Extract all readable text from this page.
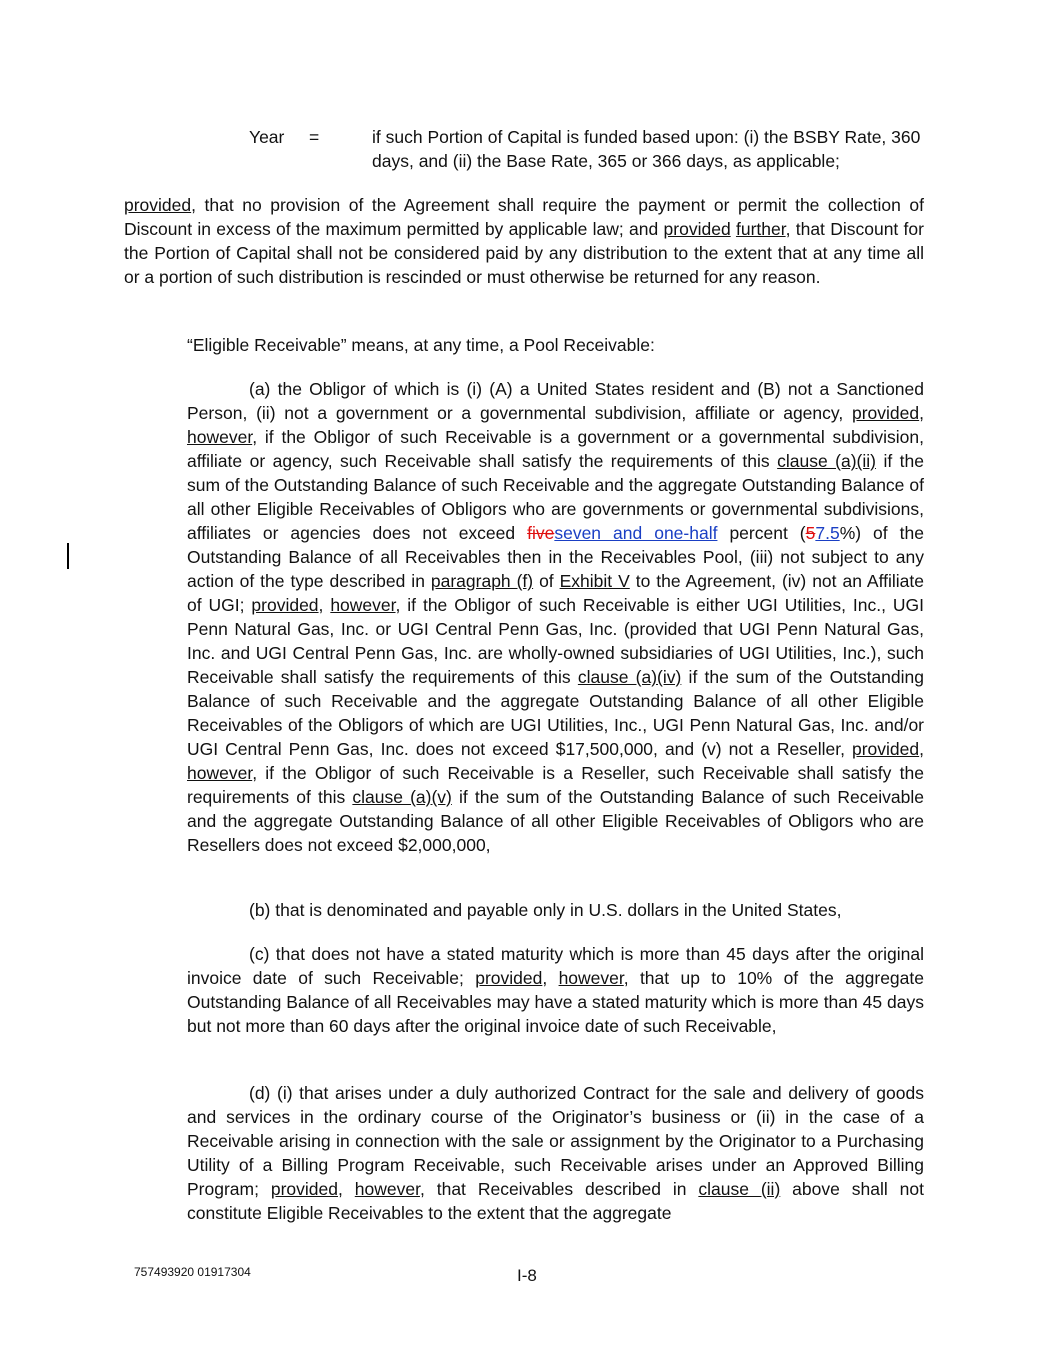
Year =	if such Portion of Capital is funded based upon: (i) the BSBY Rate, 360 days, and (ii) the Base Rate, 365 or 366 days, as applicable;

provided, that no provision of the Agreement shall require the payment or permit the collection of Discount in excess of the maximum permitted by applicable law; and provided further, that Discount for the Portion of Capital shall not be considered paid by any distribution to the extent that at any time all or a portion of such distribution is rescinded or must otherwise be returned for any reason.

“Eligible Receivable” means, at any time, a Pool Receivable:

(a) the Obligor of which is (i) (A) a United States resident and (B) not a Sanctioned Person, (ii) not a government or a governmental subdivision, affiliate or agency, provided, however, if the Obligor of such Receivable is a government or a governmental subdivision, affiliate or agency, such Receivable shall satisfy the requirements of this clause (a)(ii) if the sum of the Outstanding Balance of such Receivable and the aggregate Outstanding Balance of all other Eligible Receivables of Obligors who are governments or governmental subdivisions, affiliates or agencies does not exceed fiveseven and one-half percent (57.5%) of the Outstanding Balance of all Receivables then in the Receivables Pool, (iii) not subject to any action of the type described in paragraph (f) of Exhibit V to the Agreement, (iv) not an Affiliate of UGI; provided, however, if the Obligor of such Receivable is either UGI Utilities, Inc., UGI Penn Natural Gas, Inc. or UGI Central Penn Gas, Inc. (provided that UGI Penn Natural Gas, Inc. and UGI Central Penn Gas, Inc. are wholly-owned subsidiaries of UGI Utilities, Inc.), such Receivable shall satisfy the requirements of this clause (a)(iv) if the sum of the Outstanding Balance of such Receivable and the aggregate Outstanding Balance of all other Eligible Receivables of the Obligors of which are UGI Utilities, Inc., UGI Penn Natural Gas, Inc. and/or UGI Central Penn Gas, Inc. does not exceed $17,500,000, and (v) not a Reseller, provided, however, if the Obligor of such Receivable is a Reseller, such Receivable shall satisfy the requirements of this clause (a)(v) if the sum of the Outstanding Balance of such Receivable and the aggregate Outstanding Balance of all other Eligible Receivables of Obligors who are Resellers does not exceed $2,000,000,

(b) that is denominated and payable only in U.S. dollars in the United States,

(c) that does not have a stated maturity which is more than 45 days after the original invoice date of such Receivable; provided, however, that up to 10% of the aggregate Outstanding Balance of all Receivables may have a stated maturity which is more than 45 days but not more than 60 days after the original invoice date of such Receivable,

(d) (i) that arises under a duly authorized Contract for the sale and delivery of goods and services in the ordinary course of the Originator’s business or (ii) in the case of a Receivable arising in connection with the sale or assignment by the Originator to a Purchasing Utility of a Billing Program Receivable, such Receivable arises under an Approved Billing Program; provided, however, that Receivables described in clause (ii) above shall not constitute Eligible Receivables to the extent that the aggregate

757493920 01917304	I-8
